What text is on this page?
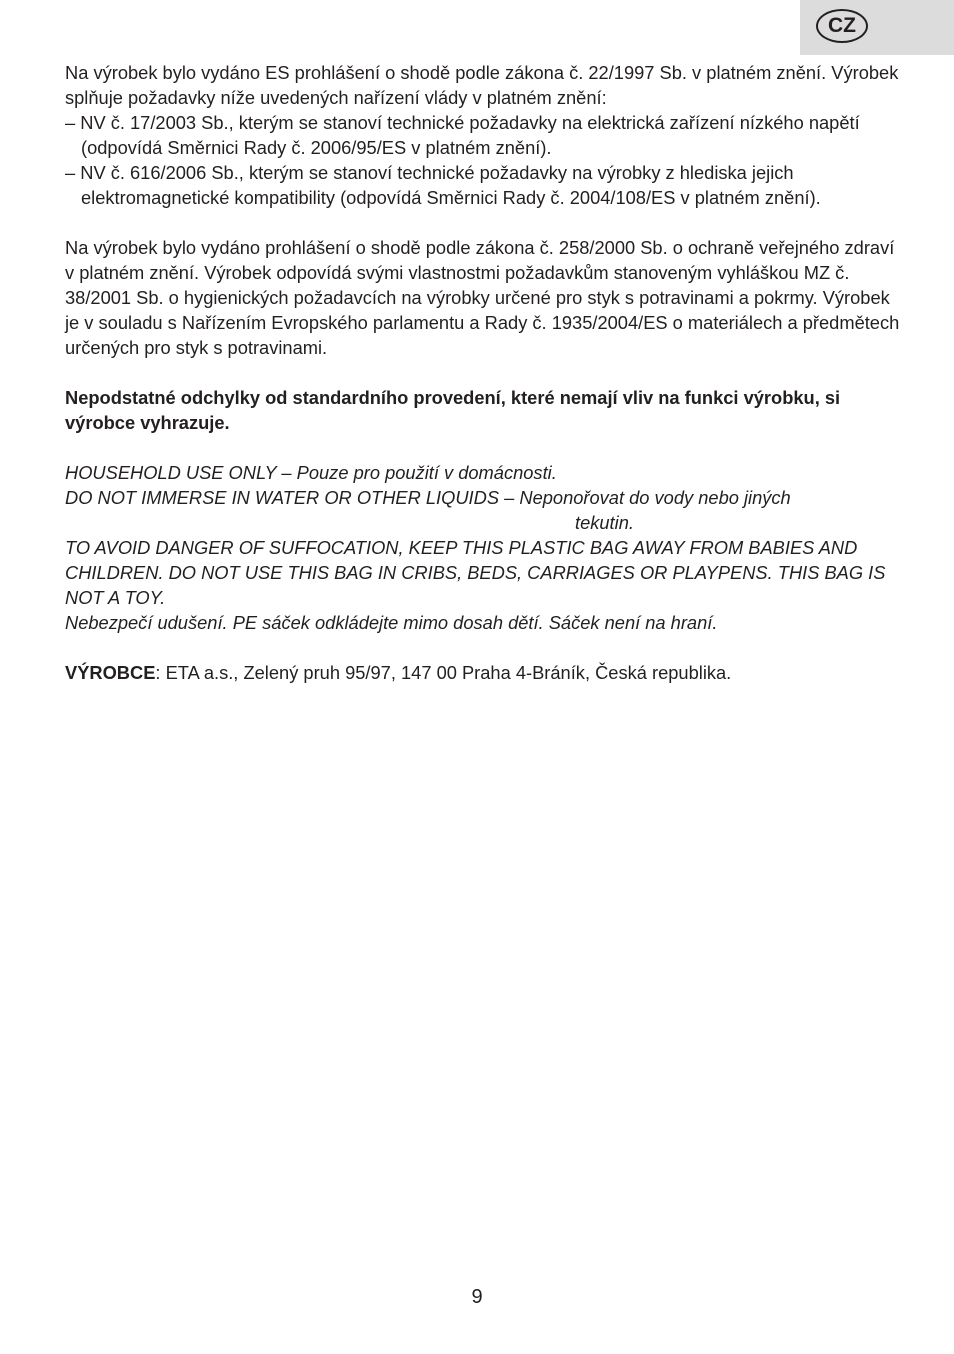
CZ

Na výrobek bylo vydáno ES prohlášení o shodě podle zákona č. 22/1997 Sb. v platném znění. Výrobek splňuje požadavky níže uvedených nařízení vlády v platném znění:

– NV č. 17/2003 Sb., kterým se stanoví technické požadavky na elektrická zařízení nízkého napětí (odpovídá Směrnici Rady č. 2006/95/ES v platném znění).

– NV č. 616/2006 Sb., kterým se stanoví technické požadavky na výrobky z hlediska jejich elektromagnetické kompatibility (odpovídá Směrnici Rady č. 2004/108/ES v platném znění).

Na výrobek bylo vydáno prohlášení o shodě podle zákona č. 258/2000 Sb. o ochraně veřejného zdraví v platném znění. Výrobek odpovídá svými vlastnostmi požadavkům stanoveným vyhláškou MZ č. 38/2001 Sb. o hygienických požadavcích na výrobky určené pro styk s potravinami a pokrmy. Výrobek je v souladu s Nařízením Evropského parlamentu a Rady č. 1935/2004/ES o materiálech a předmětech určených pro styk s potravinami.

Nepodstatné odchylky od standardního provedení, které nemají vliv na funkci výrobku, si výrobce vyhrazuje.

HOUSEHOLD USE ONLY – Pouze pro použití v domácnosti.

DO NOT IMMERSE IN WATER OR OTHER LIQUIDS – Neponořovat do vody nebo jiných

tekutin.

TO AVOID DANGER OF SUFFOCATION, KEEP THIS PLASTIC BAG AWAY FROM BABIES AND CHILDREN. DO NOT USE THIS BAG IN CRIBS, BEDS, CARRIAGES OR PLAYPENS. THIS BAG IS NOT A TOY.

Nebezpečí udušení. PE sáček odkládejte mimo dosah dětí. Sáček není na hraní.

VÝROBCE: ETA a.s., Zelený pruh 95/97, 147 00 Praha 4-Bráník, Česká republika.

9
